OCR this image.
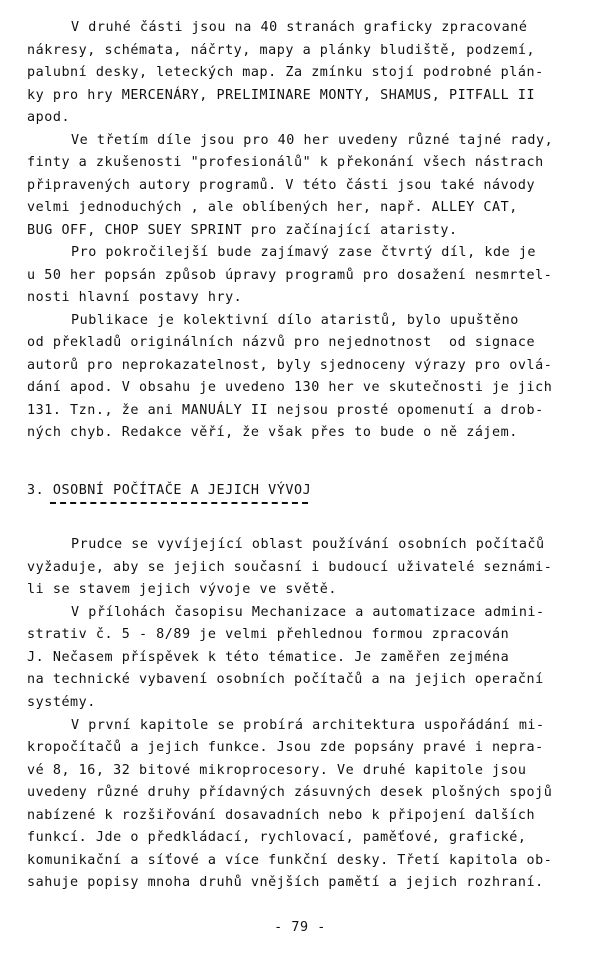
V druhé části jsou na 40 stranách graficky zpracované
nákresy, schémata, náčrty, mapy a plánky bludiště, podzemí,
palubní desky, leteckých map. Za zmínku stojí podrobné plán-
ky pro hry MERCENÁRY, PRELIMINARE MONTY, SHAMUS, PITFALL II
apod.
Ve třetím díle jsou pro 40 her uvedeny různé tajné rady,
finty a zkušenosti "profesionálů" k překonání všech nástrach
připravených autory programů. V této části jsou také návody
velmi jednoduchých , ale oblíbených her, např. ALLEY CAT,
BUG OFF, CHOP SUEY SPRINT pro začínající ataristy.
Pro pokročilejší bude zajímavý zase čtvrtý díl, kde je
u 50 her popsán způsob úpravy programů pro dosažení nesmrtel-
nosti hlavní postavy hry.
Publikace je kolektivní dílo ataristů, bylo upuštěno
od překladů originálních názvů pro nejednotnost  od signace
autorů pro neprokazatelnost, byly sjednoceny výrazy pro ovlá-
dání apod. V obsahu je uvedeno 130 her ve skutečnosti je jich
131. Tzn., že ani MANUÁLY II nejsou prosté opomenutí a drob-
ných chyb. Redakce věří, že však přes to bude o ně zájem.
3. OSOBNÍ POČÍTAČE A JEJICH VÝVOJ
Prudce se vyvíjející oblast používání osobních počítačů
vyžaduje, aby se jejich současní i budoucí uživatelé seznámi-
li se stavem jejich vývoje ve světě.
V přílohách časopisu Mechanizace a automatizace admini-
strativ č. 5 - 8/89 je velmi přehlednou formou zpracován
J. Nečasem příspěvek k této tématice. Je zaměřen zejména
na technické vybavení osobních počítačů a na jejich operační
systémy.
V první kapitole se probírá architektura uspořádání mi-
kropočítačů a jejich funkce. Jsou zde popsány pravé i nepra-
vé 8, 16, 32 bitové mikroprocesory. Ve druhé kapitole jsou
uvedeny různé druhy přídavných zásuvných desek plošných spojů
nabízené k rozšiřování dosavadních nebo k připojení dalších
funkcí. Jde o předkládací, rychlovací, paměťové, grafické,
komunikační a síťové a více funkční desky. Třetí kapitola ob-
sahuje popisy mnoha druhů vnějších pamětí a jejich rozhraní.
- 79 -
